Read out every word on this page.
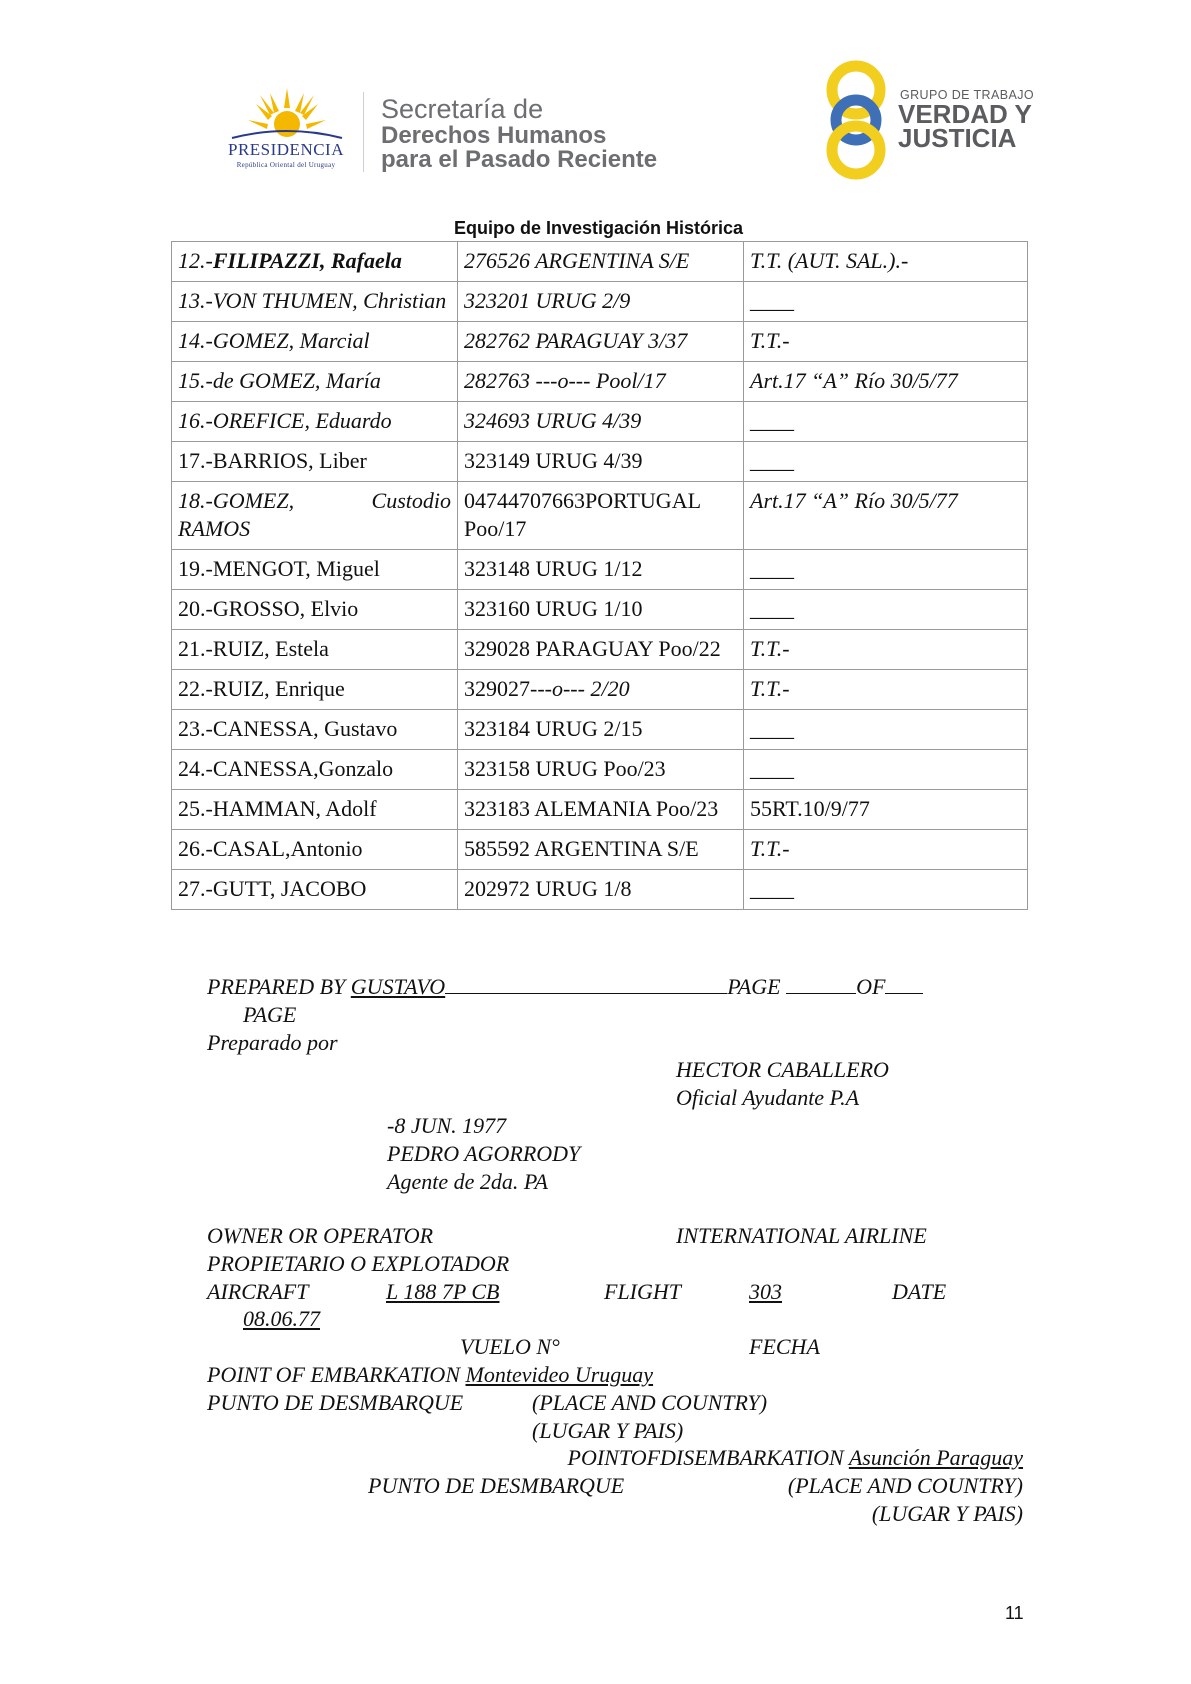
PRESIDENCIA
República Oriental del Uruguay
Secretaría de
Derechos Humanos
para el Pasado Reciente
GRUPO DE TRABAJO
VERDAD Y
JUSTICIA
Equipo de Investigación Histórica
12.-FILIPAZZI, Rafaela	276526 ARGENTINA S/E	T.T. (AUT. SAL.).-
13.-VON THUMEN, Christian	323201 URUG 2/9	____
14.-GOMEZ, Marcial	282762 PARAGUAY 3/37	T.T.-
15.-de GOMEZ, María	282763 ---o--- Pool/17	Art.17 “A” Río 30/5/77
16.-OREFICE, Eduardo	324693 URUG 4/39	____
17.-BARRIOS, Liber	323149 URUG 4/39	____
18.-GOMEZ, Custodio RAMOS	04744707663PORTUGAL Poo/17	Art.17 “A” Río 30/5/77
19.-MENGOT, Miguel	323148 URUG 1/12	____
20.-GROSSO, Elvio	323160 URUG 1/10	____
21.-RUIZ, Estela	329028 PARAGUAY Poo/22	T.T.-
22.-RUIZ, Enrique	329027---o--- 2/20	T.T.-
23.-CANESSA, Gustavo	323184 URUG 2/15	____
24.-CANESSA,Gonzalo	323158 URUG Poo/23	____
25.-HAMMAN, Adolf	323183 ALEMANIA Poo/23	55RT.10/9/77
26.-CASAL,Antonio	585592 ARGENTINA S/E	T.T.-
27.-GUTT, JACOBO	202972 URUG 1/8	____
PREPARED BY GUSTAVO	PAGE	OF
PAGE
Preparado por
HECTOR CABALLERO
Oficial Ayudante P.A
-8 JUN. 1977
PEDRO AGORRODY
Agente de 2da. PA
OWNER OR OPERATOR	INTERNATIONAL AIRLINE
PROPIETARIO O EXPLOTADOR
AIRCRAFT	L 188 7P CB	FLIGHT	303	DATE
08.06.77
VUELO N°	FECHA
POINT OF EMBARKATION Montevideo Uruguay
PUNTO DE DESMBARQUE	(PLACE AND COUNTRY)
(LUGAR Y PAIS)
POINTOFDISEMBARKATION Asunción Paraguay
PUNTO DE DESMBARQUE	(PLACE AND COUNTRY)
(LUGAR Y PAIS)
11
